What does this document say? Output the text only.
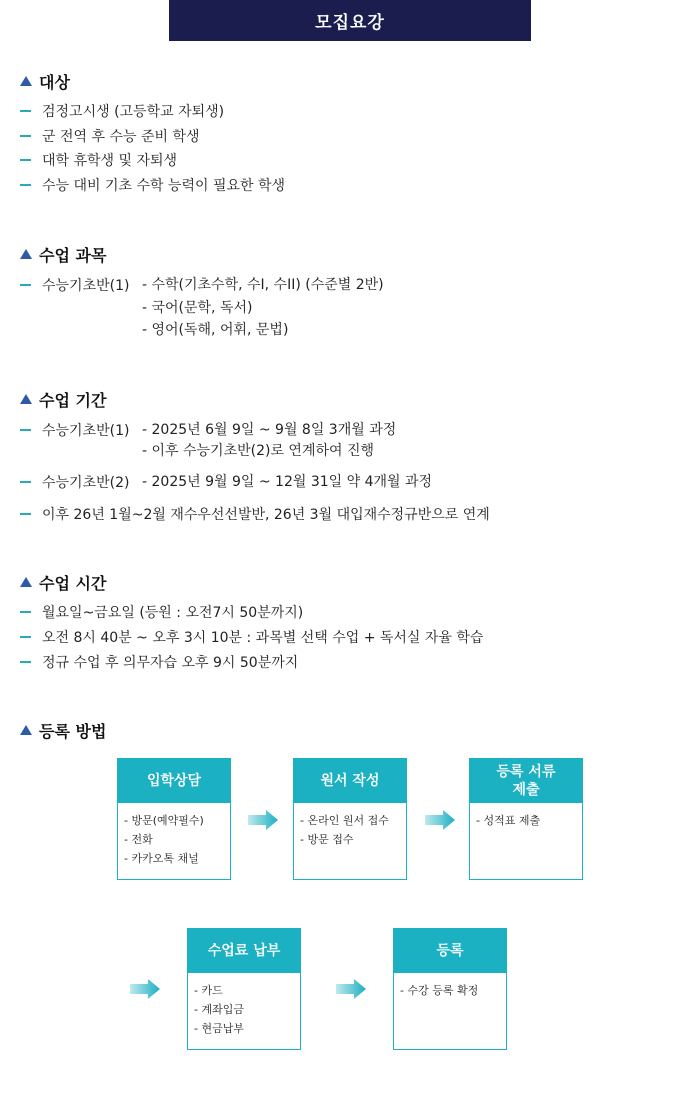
모집요강
대상
검정고시생 (고등학교 자퇴생)
군 전역 후 수능 준비 학생
대학 휴학생 및 자퇴생
수능 대비 기초 수학 능력이 필요한 학생
수업 과목
수능기초반(1) - 수학(기초수학, 수I, 수II) (수준별 2반)
- 국어(문학, 독서)
- 영어(독해, 어휘, 문법)
수업 기간
수능기초반(1) - 2025년 6월 9일 ~ 9월 8일 3개월 과정
- 이후 수능기초반(2)로 연계하여 진행
수능기초반(2) - 2025년 9월 9일 ~ 12월 31일 약 4개월 과정
이후 26년 1월~2월 재수우선선발반, 26년 3월 대입재수정규반으로 연계
수업 시간
월요일~금요일 (등원 : 오전7시 50분까지)
오전 8시 40분 ~ 오후 3시 10분 : 과목별 선택 수업 + 독서실 자율 학습
정규 수업 후 의무자습 오후 9시 50분까지
등록 방법
입학상담
- 방문(예약필수)
- 전화
- 카카오톡 채널
원서 작성
- 온라인 원서 접수
- 방문 접수
등록 서류
제출
- 성적표 제출
수업료 납부
- 카드
- 계좌입금
- 현금납부
등록
- 수강 등록 확정
